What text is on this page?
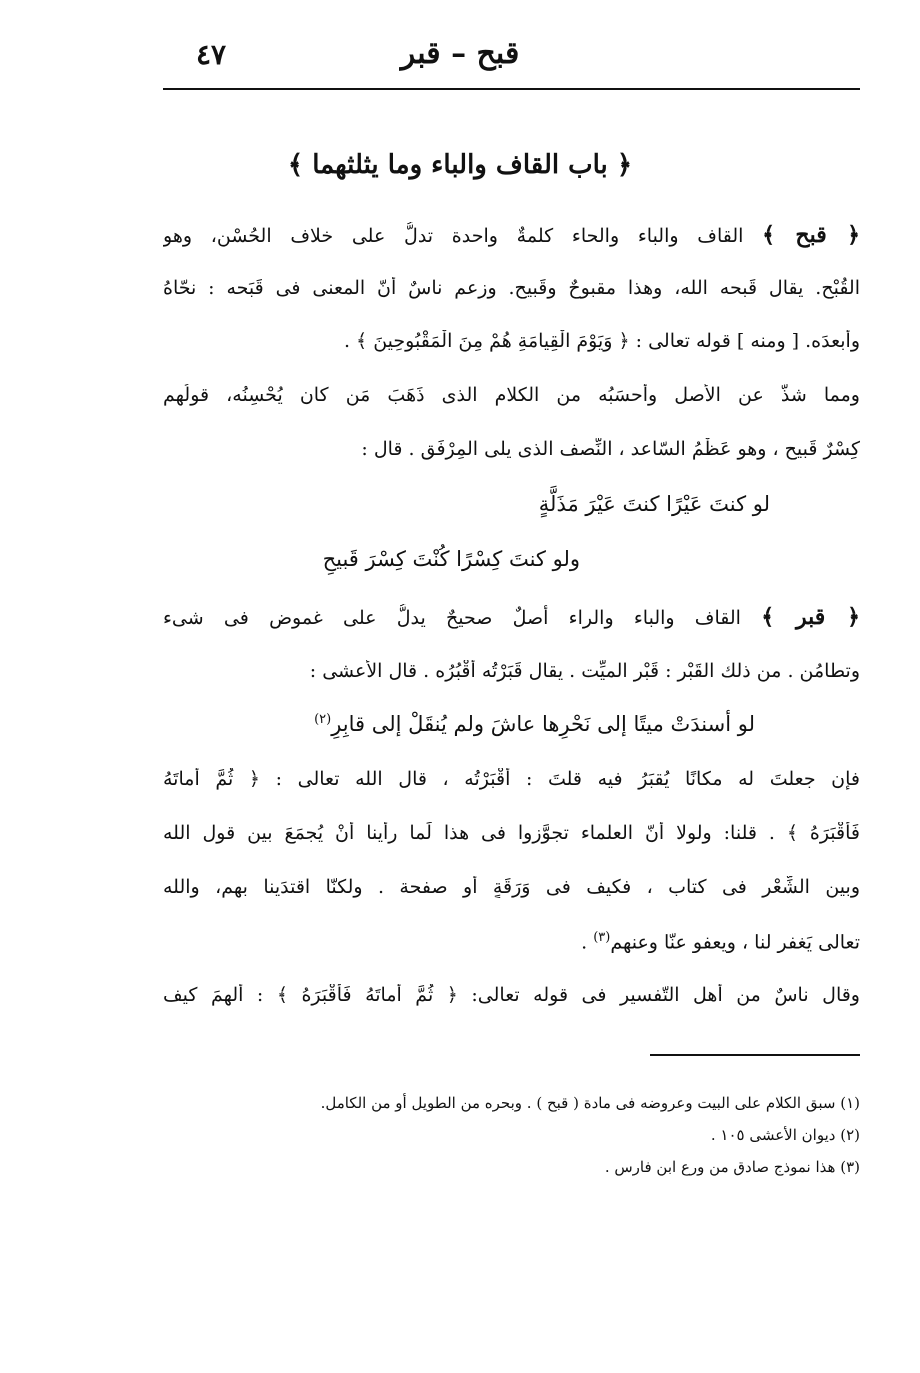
٤٧	قبح – قبر
﴿ باب القاف والباء وما يثلثهما ﴾
﴿ قبح ﴾ القاف والباء والحاء كلمةٌ واحدة تدلُّ على خلاف الحُسْن، وهو
القُبْح. يقال قَبحه الله، وهذا مقبوحٌ وقَبيح. وزعم ناسٌ أنّ المعنى فى قَبَحه : نحّاهُ
وأبعدَه. [ ومنه ] قوله تعالى : ﴿ وَيَوْمَ الْقِيامَةِ هُمْ مِنَ الْمَقْبُوحِينَ ﴾ .
ومما شذّ عن الأصل وأحسَبُه من الكلام الذى ذَهَبَ مَن كان يُحْسِنُه، قولُهم
كِسْرٌ قَبيحٍ ، وهو عَظْمُ السّاعد ، النِّصف الذى يلى المِرْفَق . قال :
لو كنتَ عَيْرًا كنتَ عَيْرَ مَذَلَّةٍ
ولو كنتَ كِسْرًا كُنْتَ كِسْرَ قَبيحِ
﴿ قبر ﴾ القاف والباء والراء أصلٌ صحيحٌ يدلُّ على غموضٍ فى شىء
وتطامُن . من ذلك القَبْر : قَبْر الميِّت . يقال قَبَرْتُه أقْبُرُه . قال الأعشى :
لو أسندَتْ ميتًا إلى نَحْرِها عاشَ ولم يُنقَلْ إلى قابِرِ$^{(٢)}$
فإن جعلتَ له مكانًا يُقبَرُ فيه قلتَ : أقْبَرْتُه ، قال الله تعالى : ﴿ ثُمَّ أماتَهُ
فَأقْبَرَهُ ﴾ . قلنا: ولولا أنّ العلماء تجوَّزوا فى هذا لَما رأينا أنْ يُجمَعَ بين قول الله
وبين الشِّعْر فى كتاب ، فكيف فى وَرَقَةٍ أو صفحة . ولكنّا اقتدَينا بهم، والله
تعالى يَغفر لنا ، ويعفو عنّا وعنهم$^{(٣)}$ .
وقال ناسٌ من أهل التّفسير فى قوله تعالى: ﴿ ثُمَّ أماتَهُ فَأقْبَرَهُ ﴾ : ألهمَ كيف
(١) سبق الكلام على البيت وعروضه فى مادة ( قبح ) . وبحره من الطويل أو من الكامل.
(٢) ديوان الأعشى ١٠٥ .
(٣) هذا نموذج صادق من ورع ابن فارس .
